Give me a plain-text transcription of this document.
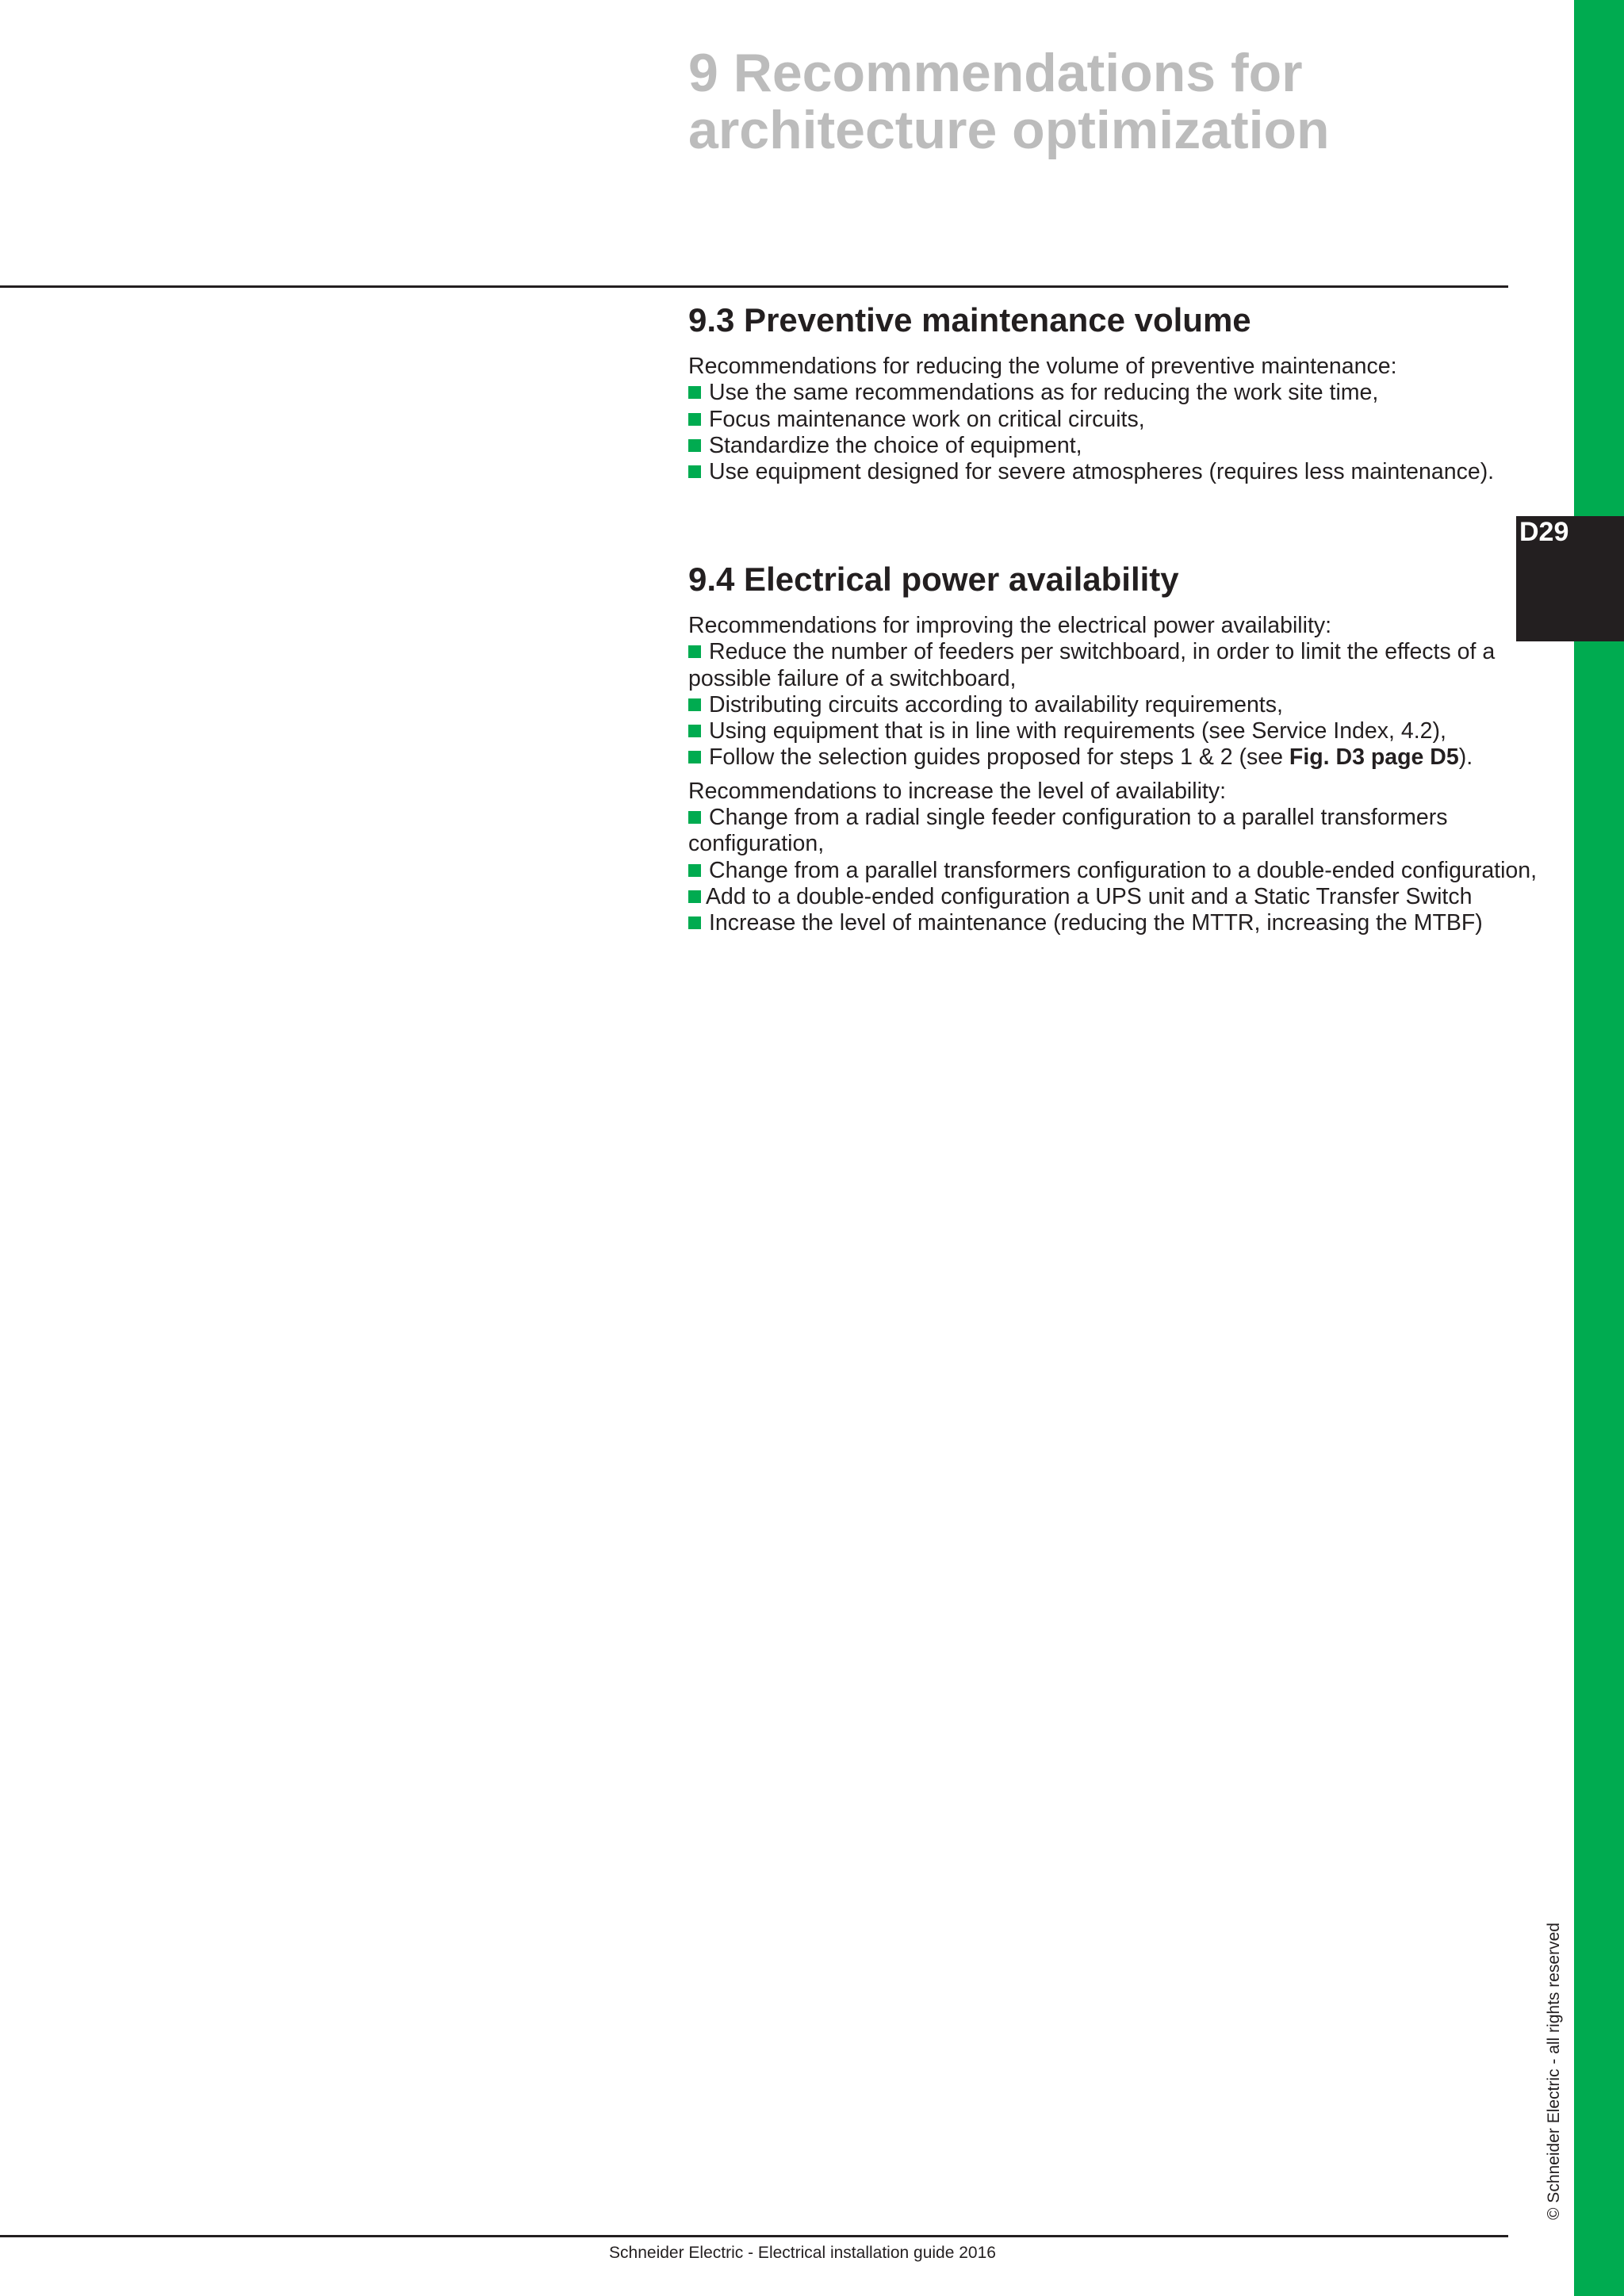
D29
© Schneider Electric - all rights reserved
9 Recommendations for
architecture optimization
9.3 Preventive maintenance volume

Recommendations for reducing the volume of preventive maintenance:

Use the same recommendations as for reducing the work site time,
Focus maintenance work on critical circuits,
Standardize the choice of equipment,
Use equipment designed for severe atmospheres (requires less maintenance).
9.4 Electrical power availability

Recommendations for improving the electrical power availability:

Reduce the number of feeders per switchboard, in order to limit the effects of a possible failure of a switchboard,
Distributing circuits according to availability requirements,
Using equipment that is in line with requirements (see Service Index, 4.2),
Follow the selection guides proposed for steps 1 & 2 (see Fig. D3 page D5).

Recommendations to increase the level of availability:

Change from a radial single feeder configuration to a parallel transformers configuration,
Change from a parallel transformers configuration to a double-ended configuration,
Add to a double-ended configuration a UPS unit and a Static Transfer Switch
Increase the level of maintenance (reducing the MTTR, increasing the MTBF)
Schneider Electric - Electrical installation guide 2016
